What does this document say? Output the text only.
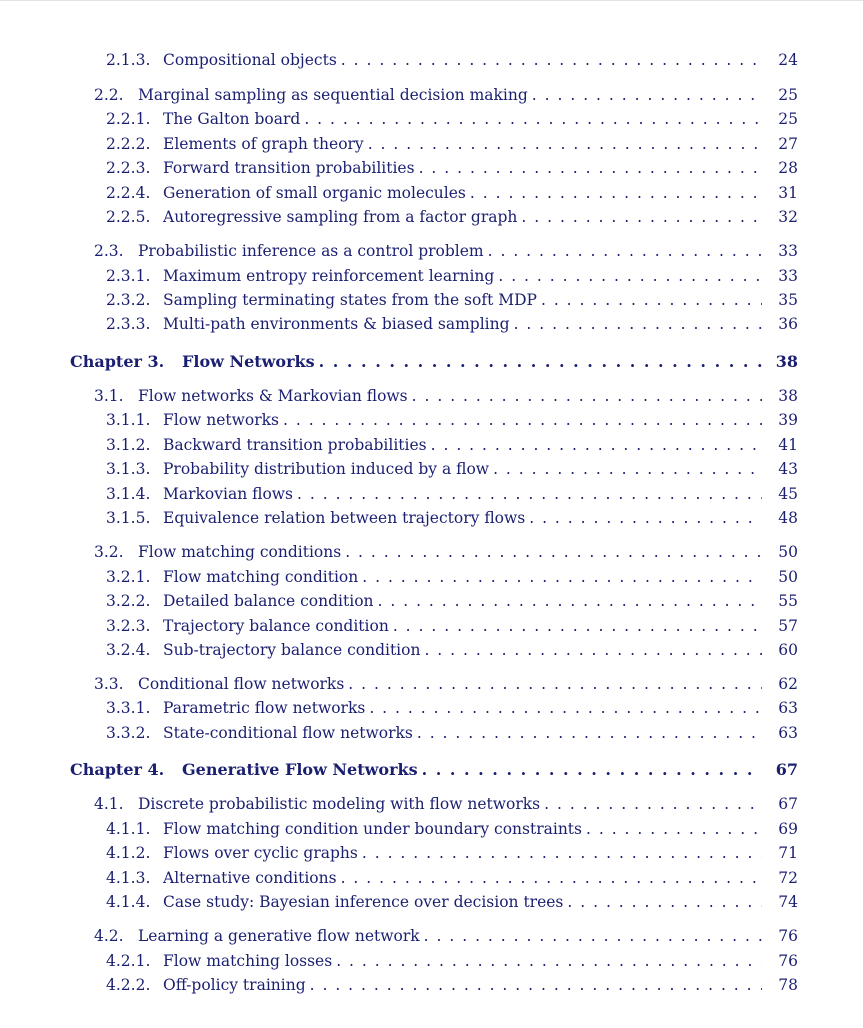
2.1.3. Compositional objects . . .	24
2.2. Marginal sampling as sequential decision making . . .	25
2.2.1. The Galton board . . .	25
2.2.2. Elements of graph theory . . .	27
2.2.3. Forward transition probabilities . . .	28
2.2.4. Generation of small organic molecules . . .	31
2.2.5. Autoregressive sampling from a factor graph . . .	32
2.3. Probabilistic inference as a control problem . . .	33
2.3.1. Maximum entropy reinforcement learning . . .	33
2.3.2. Sampling terminating states from the soft MDP . . .	35
2.3.3. Multi-path environments & biased sampling . . .	36
Chapter 3.	Flow Networks . . .	38
3.1. Flow networks & Markovian flows . . .	38
3.1.1. Flow networks . . .	39
3.1.2. Backward transition probabilities . . .	41
3.1.3. Probability distribution induced by a flow . . .	43
3.1.4. Markovian flows . . .	45
3.1.5. Equivalence relation between trajectory flows . . .	48
3.2. Flow matching conditions . . .	50
3.2.1. Flow matching condition . . .	50
3.2.2. Detailed balance condition . . .	55
3.2.3. Trajectory balance condition . . .	57
3.2.4. Sub-trajectory balance condition . . .	60
3.3. Conditional flow networks . . .	62
3.3.1. Parametric flow networks . . .	63
3.3.2. State-conditional flow networks . . .	63
Chapter 4.	Generative Flow Networks . . .	67
4.1. Discrete probabilistic modeling with flow networks . . .	67
4.1.1. Flow matching condition under boundary constraints . . .	69
4.1.2. Flows over cyclic graphs . . .	71
4.1.3. Alternative conditions . . .	72
4.1.4. Case study: Bayesian inference over decision trees . . .	74
4.2. Learning a generative flow network . . .	76
4.2.1. Flow matching losses . . .	76
4.2.2. Off-policy training . . .	78
